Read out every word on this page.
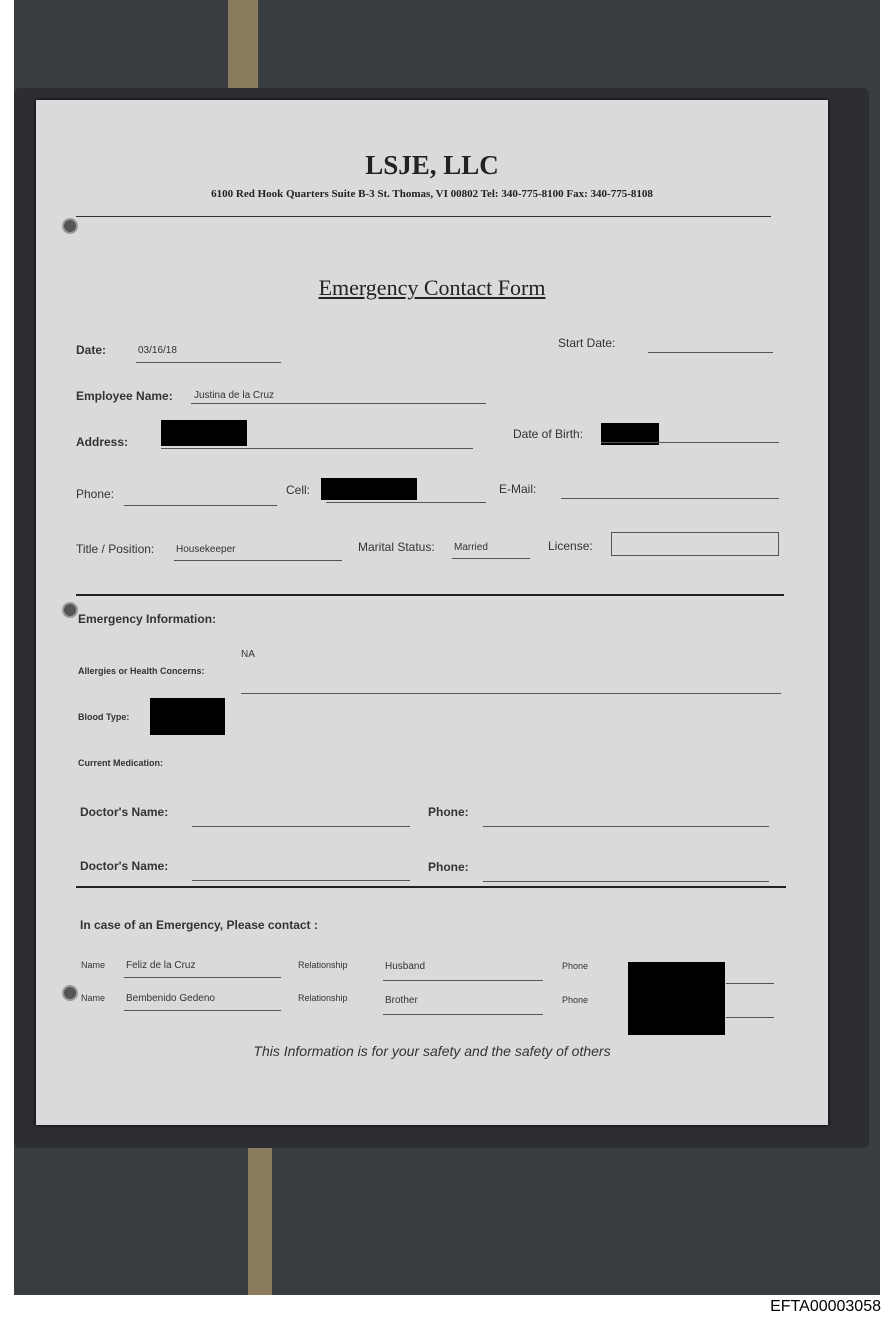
LSJE, LLC
6100 Red Hook Quarters Suite B-3 St. Thomas, VI 00802 Tel: 340-775-8100 Fax: 340-775-8108
Emergency Contact Form
Date:	03/16/18
Start Date:
Employee Name: Justina de la Cruz
Address:
Date of Birth:
Phone:	Cell:	E-Mail:
Title / Position: Housekeeper	Marital Status: Married	License:
Emergency Information:
NA
Allergies or Health Concerns:
Blood Type:
Current Medication:
Doctor's Name:	Phone:
Doctor's Name:	Phone:
In case of an Emergency, Please contact :
Name Feliz de la Cruz	Relationship	Husband	Phone
Name Bembenido Gedeno	Relationship	Brother	Phone
This Information is for your safety and the safety of others
EFTA00003058
